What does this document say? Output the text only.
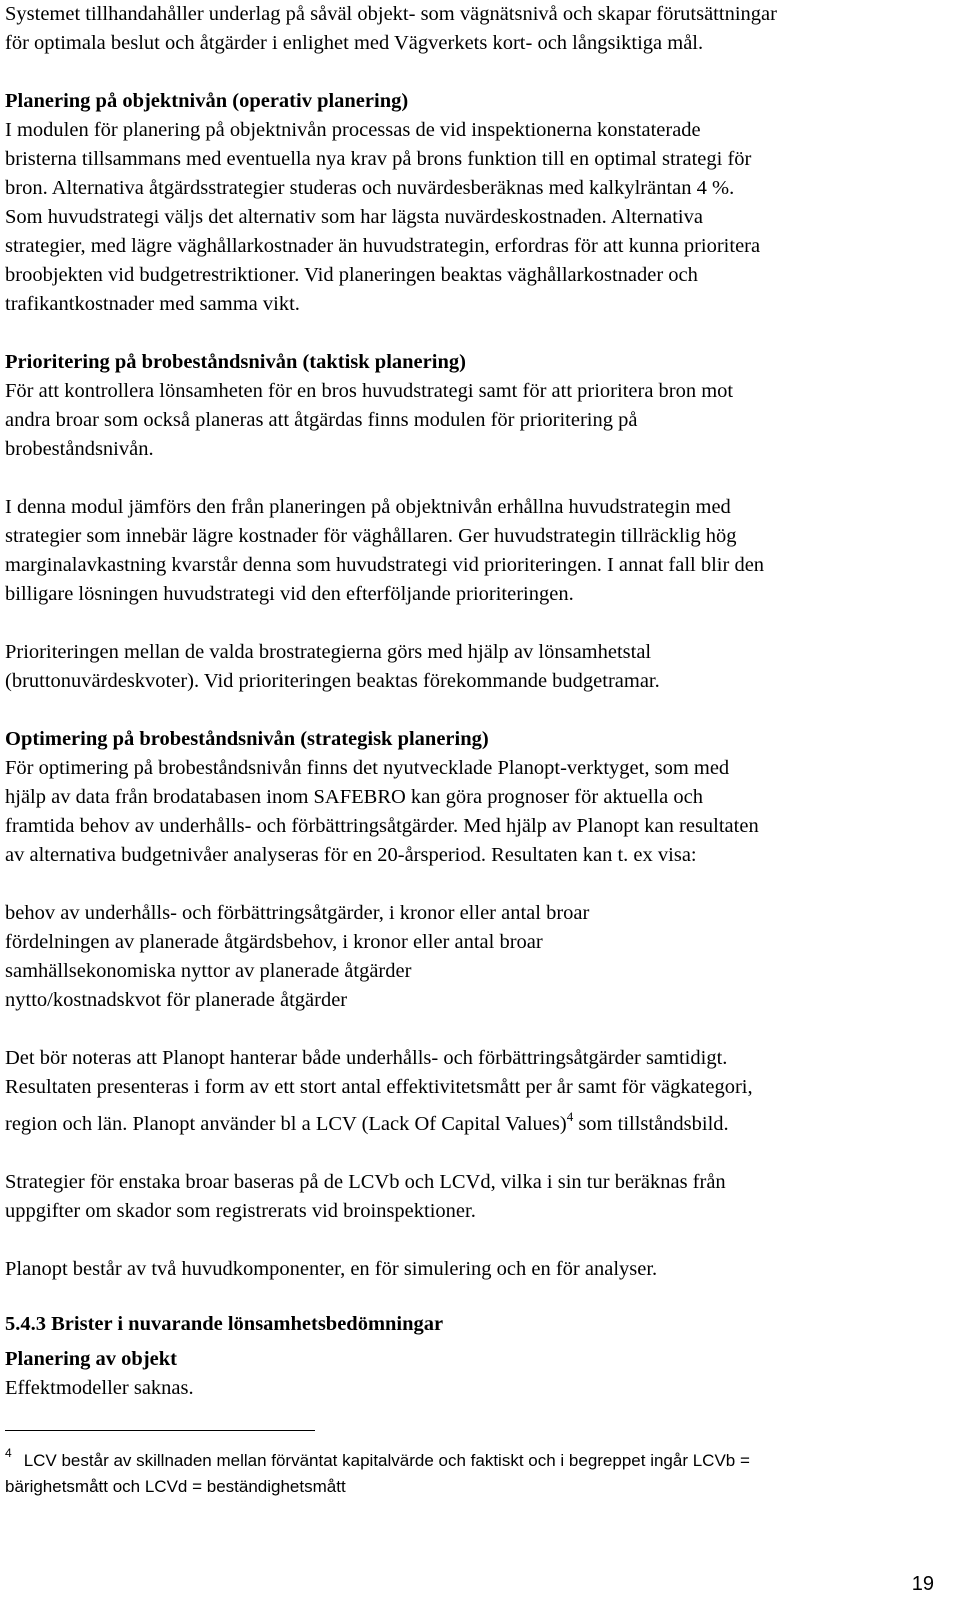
Systemet tillhandahåller underlag på såväl objekt- som vägnätsnivå och skapar förutsättningar
för optimala beslut och åtgärder i enlighet med Vägverkets kort- och långsiktiga mål.

Planering på objektnivån (operativ planering)

I modulen för planering på objektnivån processas de vid inspektionerna konstaterade
bristerna tillsammans med eventuella nya krav på brons funktion till en optimal strategi för
bron. Alternativa åtgärdsstrategier studeras och nuvärdesberäknas med kalkylräntan 4 %.
Som huvudstrategi väljs det alternativ som har lägsta nuvärdeskostnaden. Alternativa
strategier, med lägre väghållarkostnader än huvudstrategin, erfordras för att kunna prioritera
broobjekten vid budgetrestriktioner. Vid planeringen beaktas väghållarkostnader och
trafikantkostnader med samma vikt.

Prioritering på brobeståndsnivån (taktisk planering)

För att kontrollera lönsamheten för en bros huvudstrategi samt för att prioritera bron mot
andra broar som också planeras att åtgärdas finns modulen för prioritering på
brobeståndsnivån.

I denna modul jämförs den från planeringen på objektnivån erhållna huvudstrategin med
strategier som innebär lägre kostnader för väghållaren. Ger huvudstrategin tillräcklig hög
marginalavkastning kvarstår denna som huvudstrategi vid prioriteringen. I annat fall blir den
billigare lösningen huvudstrategi vid den efterföljande prioriteringen.

Prioriteringen mellan de valda brostrategierna görs med hjälp av lönsamhetstal
(bruttonuvärdeskvoter). Vid prioriteringen beaktas förekommande budgetramar.

Optimering på brobeståndsnivån (strategisk planering)

För optimering på brobeståndsnivån finns det nyutvecklade Planopt-verktyget, som med
hjälp av data från brodatabasen inom SAFEBRO kan göra prognoser för aktuella och
framtida behov av underhålls- och förbättringsåtgärder. Med hjälp av Planopt kan resultaten
av alternativa budgetnivåer analyseras för en 20-årsperiod. Resultaten kan t. ex visa:

behov av underhålls- och förbättringsåtgärder, i kronor eller antal broar
fördelningen av planerade åtgärdsbehov, i kronor eller antal broar
samhällsekonomiska nyttor av planerade åtgärder
nytto/kostnadskvot för planerade åtgärder

Det bör noteras att Planopt hanterar både underhålls- och förbättringsåtgärder samtidigt.
Resultaten presenteras i form av ett stort antal effektivitetsmått per år samt för vägkategori,
region och län. Planopt använder bl a LCV (Lack Of Capital Values)$^4$ som tillståndsbild.

Strategier för enstaka broar baseras på de LCVb och LCVd, vilka i sin tur beräknas från
uppgifter om skador som registrerats vid broinspektioner.

Planopt består av två huvudkomponenter, en för simulering och en för analyser.

5.4.3 Brister i nuvarande lönsamhetsbedömningar

Planering av objekt

Effektmodeller saknas.

$^4$ LCV består av skillnaden mellan förväntat kapitalvärde och faktiskt och i begreppet ingår LCVb =
bärighetsmått och LCVd = beständighetsmått
19
